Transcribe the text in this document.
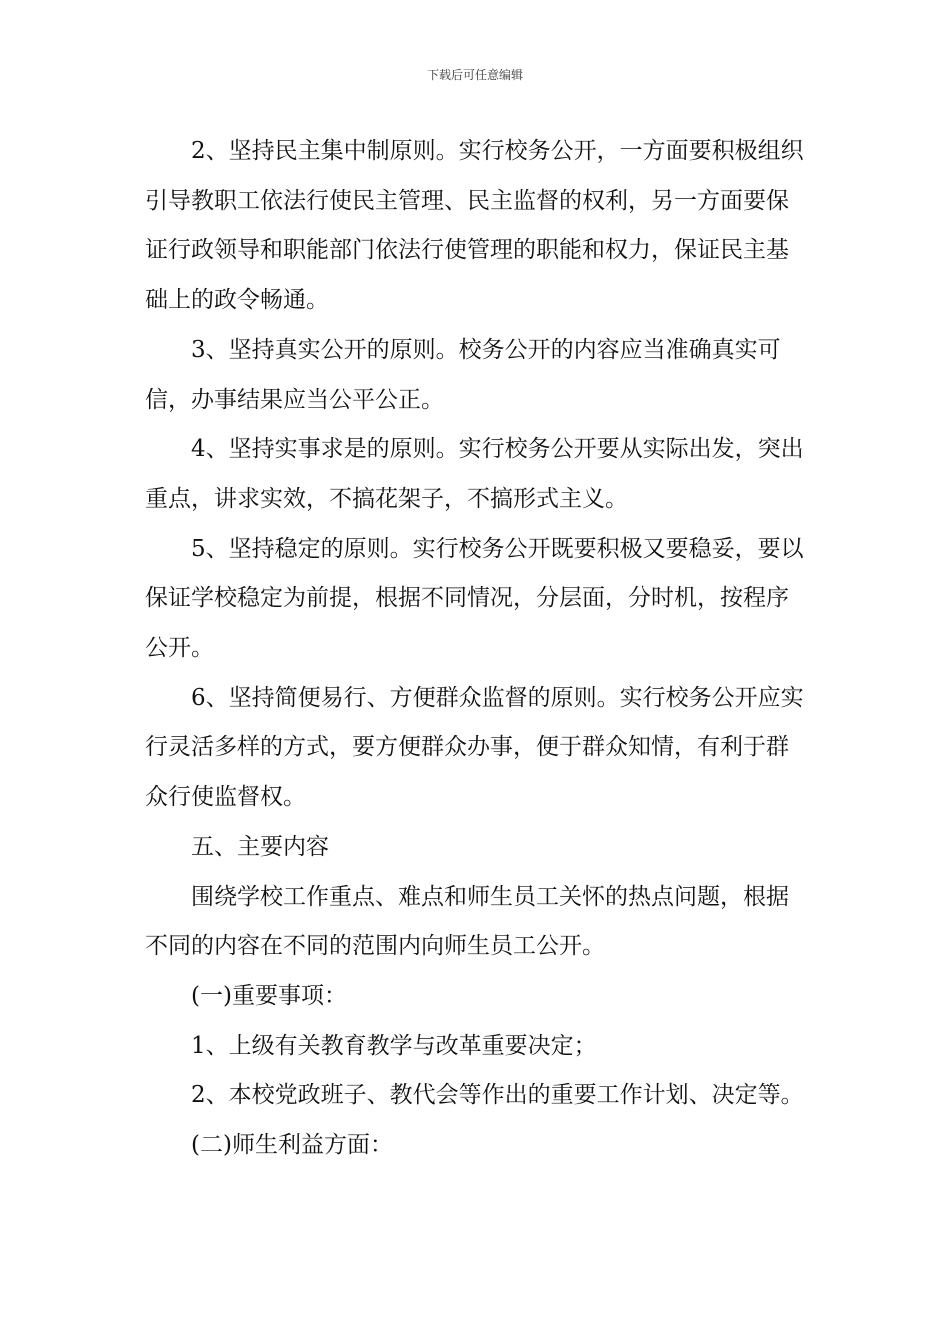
下载后可任意编辑

2、坚持民主集中制原则。实行校务公开，一方面要积极组织引导教职工依法行使民主管理、民主监督的权利，另一方面要保证行政领导和职能部门依法行使管理的职能和权力，保证民主基础上的政令畅通。

3、坚持真实公开的原则。校务公开的内容应当准确真实可信，办事结果应当公平公正。

4、坚持实事求是的原则。实行校务公开要从实际出发，突出重点，讲求实效，不搞花架子，不搞形式主义。

5、坚持稳定的原则。实行校务公开既要积极又要稳妥，要以保证学校稳定为前提，根据不同情况，分层面，分时机，按程序公开。

6、坚持简便易行、方便群众监督的原则。实行校务公开应实行灵活多样的方式，要方便群众办事，便于群众知情，有利于群众行使监督权。

五、主要内容

围绕学校工作重点、难点和师生员工关怀的热点问题，根据不同的内容在不同的范围内向师生员工公开。

(一)重要事项：

1、上级有关教育教学与改革重要决定；

2、本校党政班子、教代会等作出的重要工作计划、决定等。

(二)师生利益方面：
